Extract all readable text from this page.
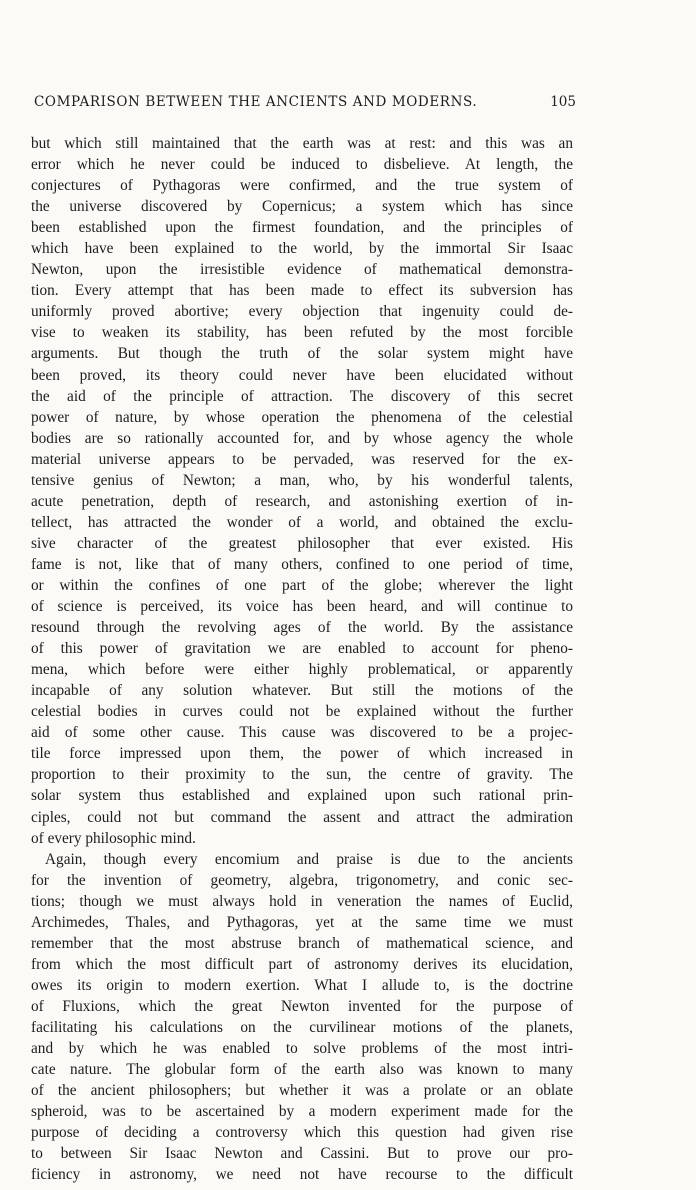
COMPARISON BETWEEN THE ANCIENTS AND MODERNS.	105
but which still maintained that the earth was at rest: and this was an
error which he never could be induced to disbelieve. At length, the
conjectures of Pythagoras were confirmed, and the true system of
the universe discovered by Copernicus; a system which has since
been established upon the firmest foundation, and the principles of
which have been explained to the world, by the immortal Sir Isaac
Newton, upon the irresistible evidence of mathematical demonstra-
tion. Every attempt that has been made to effect its subversion has
uniformly proved abortive; every objection that ingenuity could de-
vise to weaken its stability, has been refuted by the most forcible
arguments. But though the truth of the solar system might have
been proved, its theory could never have been elucidated without
the aid of the principle of attraction. The discovery of this secret
power of nature, by whose operation the phenomena of the celestial
bodies are so rationally accounted for, and by whose agency the whole
material universe appears to be pervaded, was reserved for the ex-
tensive genius of Newton; a man, who, by his wonderful talents,
acute penetration, depth of research, and astonishing exertion of in-
tellect, has attracted the wonder of a world, and obtained the exclu-
sive character of the greatest philosopher that ever existed. His
fame is not, like that of many others, confined to one period of time,
or within the confines of one part of the globe; wherever the light
of science is perceived, its voice has been heard, and will continue to
resound through the revolving ages of the world. By the assistance
of this power of gravitation we are enabled to account for pheno-
mena, which before were either highly problematical, or apparently
incapable of any solution whatever. But still the motions of the
celestial bodies in curves could not be explained without the further
aid of some other cause. This cause was discovered to be a projec-
tile force impressed upon them, the power of which increased in
proportion to their proximity to the sun, the centre of gravity. The
solar system thus established and explained upon such rational prin-
ciples, could not but command the assent and attract the admiration
of every philosophic mind.
Again, though every encomium and praise is due to the ancients
for the invention of geometry, algebra, trigonometry, and conic sec-
tions; though we must always hold in veneration the names of Euclid,
Archimedes, Thales, and Pythagoras, yet at the same time we must
remember that the most abstruse branch of mathematical science, and
from which the most difficult part of astronomy derives its elucidation,
owes its origin to modern exertion. What I allude to, is the doctrine
of Fluxions, which the great Newton invented for the purpose of
facilitating his calculations on the curvilinear motions of the planets,
and by which he was enabled to solve problems of the most intri-
cate nature. The globular form of the earth also was known to many
of the ancient philosophers; but whether it was a prolate or an oblate
spheroid, was to be ascertained by a modern experiment made for the
purpose of deciding a controversy which this question had given rise
to between Sir Isaac Newton and Cassini. But to prove our pro-
ficiency in astronomy, we need not have recourse to the difficult
